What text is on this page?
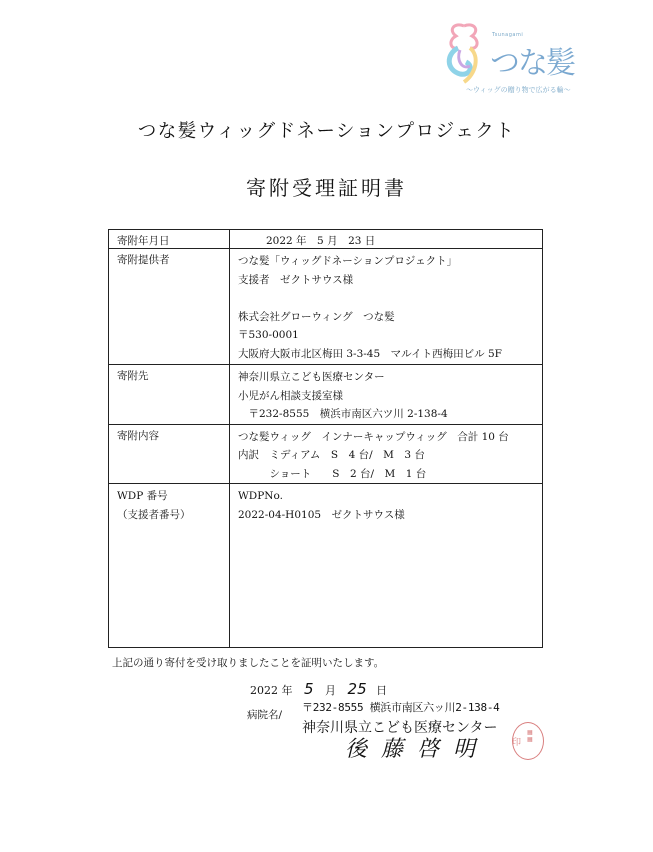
Tsunagami
つな髪
〜ウィッグの贈り物で広がる輪〜
つな髪ウィッグドネーションプロジェクト
寄附受理証明書
寄附年月日	2022 年　5 月　23 日
寄附提供者	つな髪「ウィッグドネーションプロジェクト」
支援者　ゼクトサウス様
株式会社グローウィング　つな髪
〒530-0001
大阪府大阪市北区梅田 3-3-45　マルイト西梅田ビル 5F

寄附先	神奈川県立こども医療センター
小児がん相談支援室様
　〒232-8555　横浜市南区六ツ川 2-138-4

寄附内容	つな髪ウィッグ　インナーキャップウィッグ　合計 10 台
内訳　ミディアム　S　4 台/　M　3 台
　　　ショート　　S　2 台/　M　1 台

WDP 番号
（支援者番号）	WDPNo.
2022-04-H0105　ゼクトサウス様
上記の通り寄付を受け取りましたことを証明いたします。
2022 年 5 月 25 日
病院名/
〒232-8555 横浜市南区六ッ川2-138-4
神奈川県立こども医療センター
後藤啓明	印
▦
▦
